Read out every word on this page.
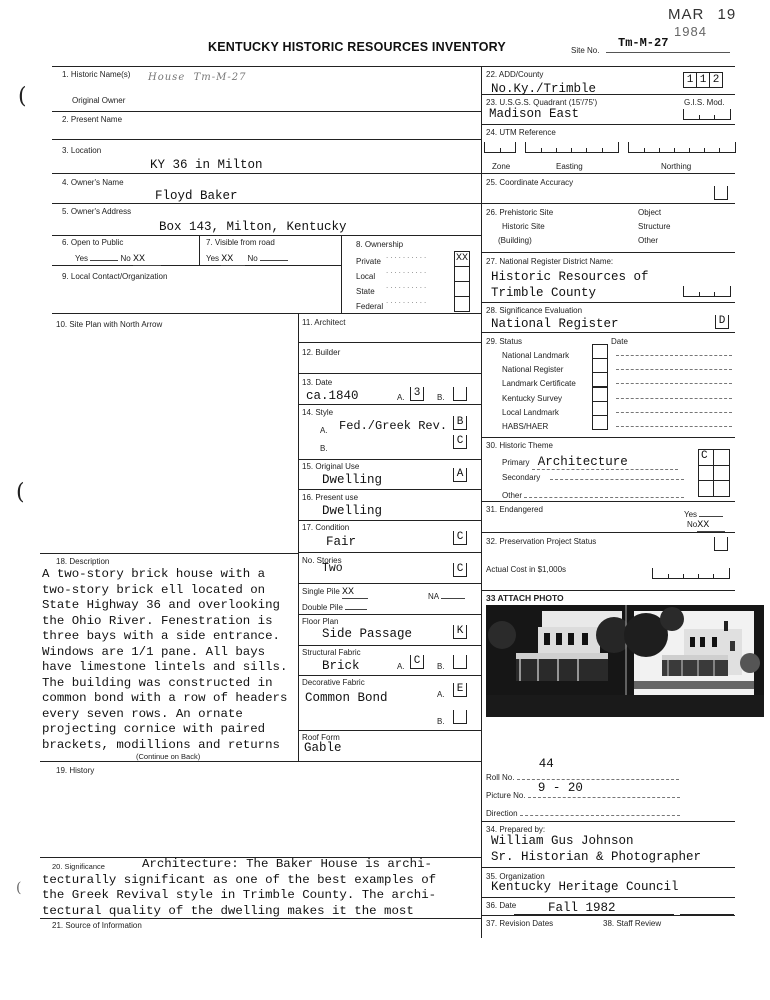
MAR 19 1984
(
(
(
KENTUCKY HISTORIC RESOURCES INVENTORY	Site No.
Tm-M-27
1. Historic Name(s) House  Tm-M-27
Original Owner
2. Present Name
3. Location
KY 36 in Milton
4. Owner's Name
Floyd Baker
5. Owner's Address
Box 143, Milton, Kentucky
6. Open to Public
Yes	No XX
7. Visible from road
Yes XX No
8. Ownership
Private
..........	XX
Local
..........
State
..........
Federal
..........
9. Local Contact/Organization
10. Site Plan with North Arrow
18. Description
A two-story brick house with a
two-story brick ell located on
State Highway 36 and overlooking
the Ohio River. Fenestration is
three bays with a side entrance.
Windows are 1/1 pane. All bays
have limestone lintels and sills.
The building was constructed in
common bond with a row of headers
every seven rows. An ornate
projecting cornice with paired
brackets, modillions and returns
(Continue on Back)
19. History
20. Significance	Architecture: The Baker House is archi-
tecturally significant as one of the best examples of
the Greek Revival style in Trimble County. The archi-
tectural quality of the dwelling makes it the most
21. Source of Information
11. Architect
12. Builder
13. Date
ca.1840	A. 3	B.
14. Style
A. Fed./Greek Rev. B
B.
C
15. Original Use
Dwelling	A
16. Present use
Dwelling
17. Condition
Fair	C
No. Stories
Two	C
Single Pile XX	NA
Double Pile
Floor Plan
Side Passage	K
Structural Fabric
Brick	A. C	B.
Decorative Fabric
Common Bond	A.	E
B.
Roof Form
Gable
22. ADD/County
No.Ky./Trimble
1 1 2
23. U.S.G.S. Quadrant (15'/75')
Madison East
G.I.S. Mod.
24. UTM Reference
Zone	Easting	Northing
25. Coordinate Accuracy
26. Prehistoric Site
Historic Site
(Building)
Object
Structure
Other
27. National Register District Name:
Historic Resources of
Trimble County
28. Significance Evaluation
National Register	D
29. Status	Date
National Landmark
National Register
Landmark Certificate
Kentucky Survey
Local Landmark
HABS/HAER
30. Historic Theme
Primary Architecture
Secondary
Other
C
31. Endangered
Yes
NoXX
32. Preservation Project Status
Actual Cost in $1,000s
33 ATTACH PHOTO
Roll No.
44
Picture No.
9 - 20
Direction
34. Prepared by:
William Gus Johnson
Sr. Historian & Photographer
35. Organization
Kentucky Heritage Council
36. Date	Fall 1982
37. Revision Dates	38. Staff Review
